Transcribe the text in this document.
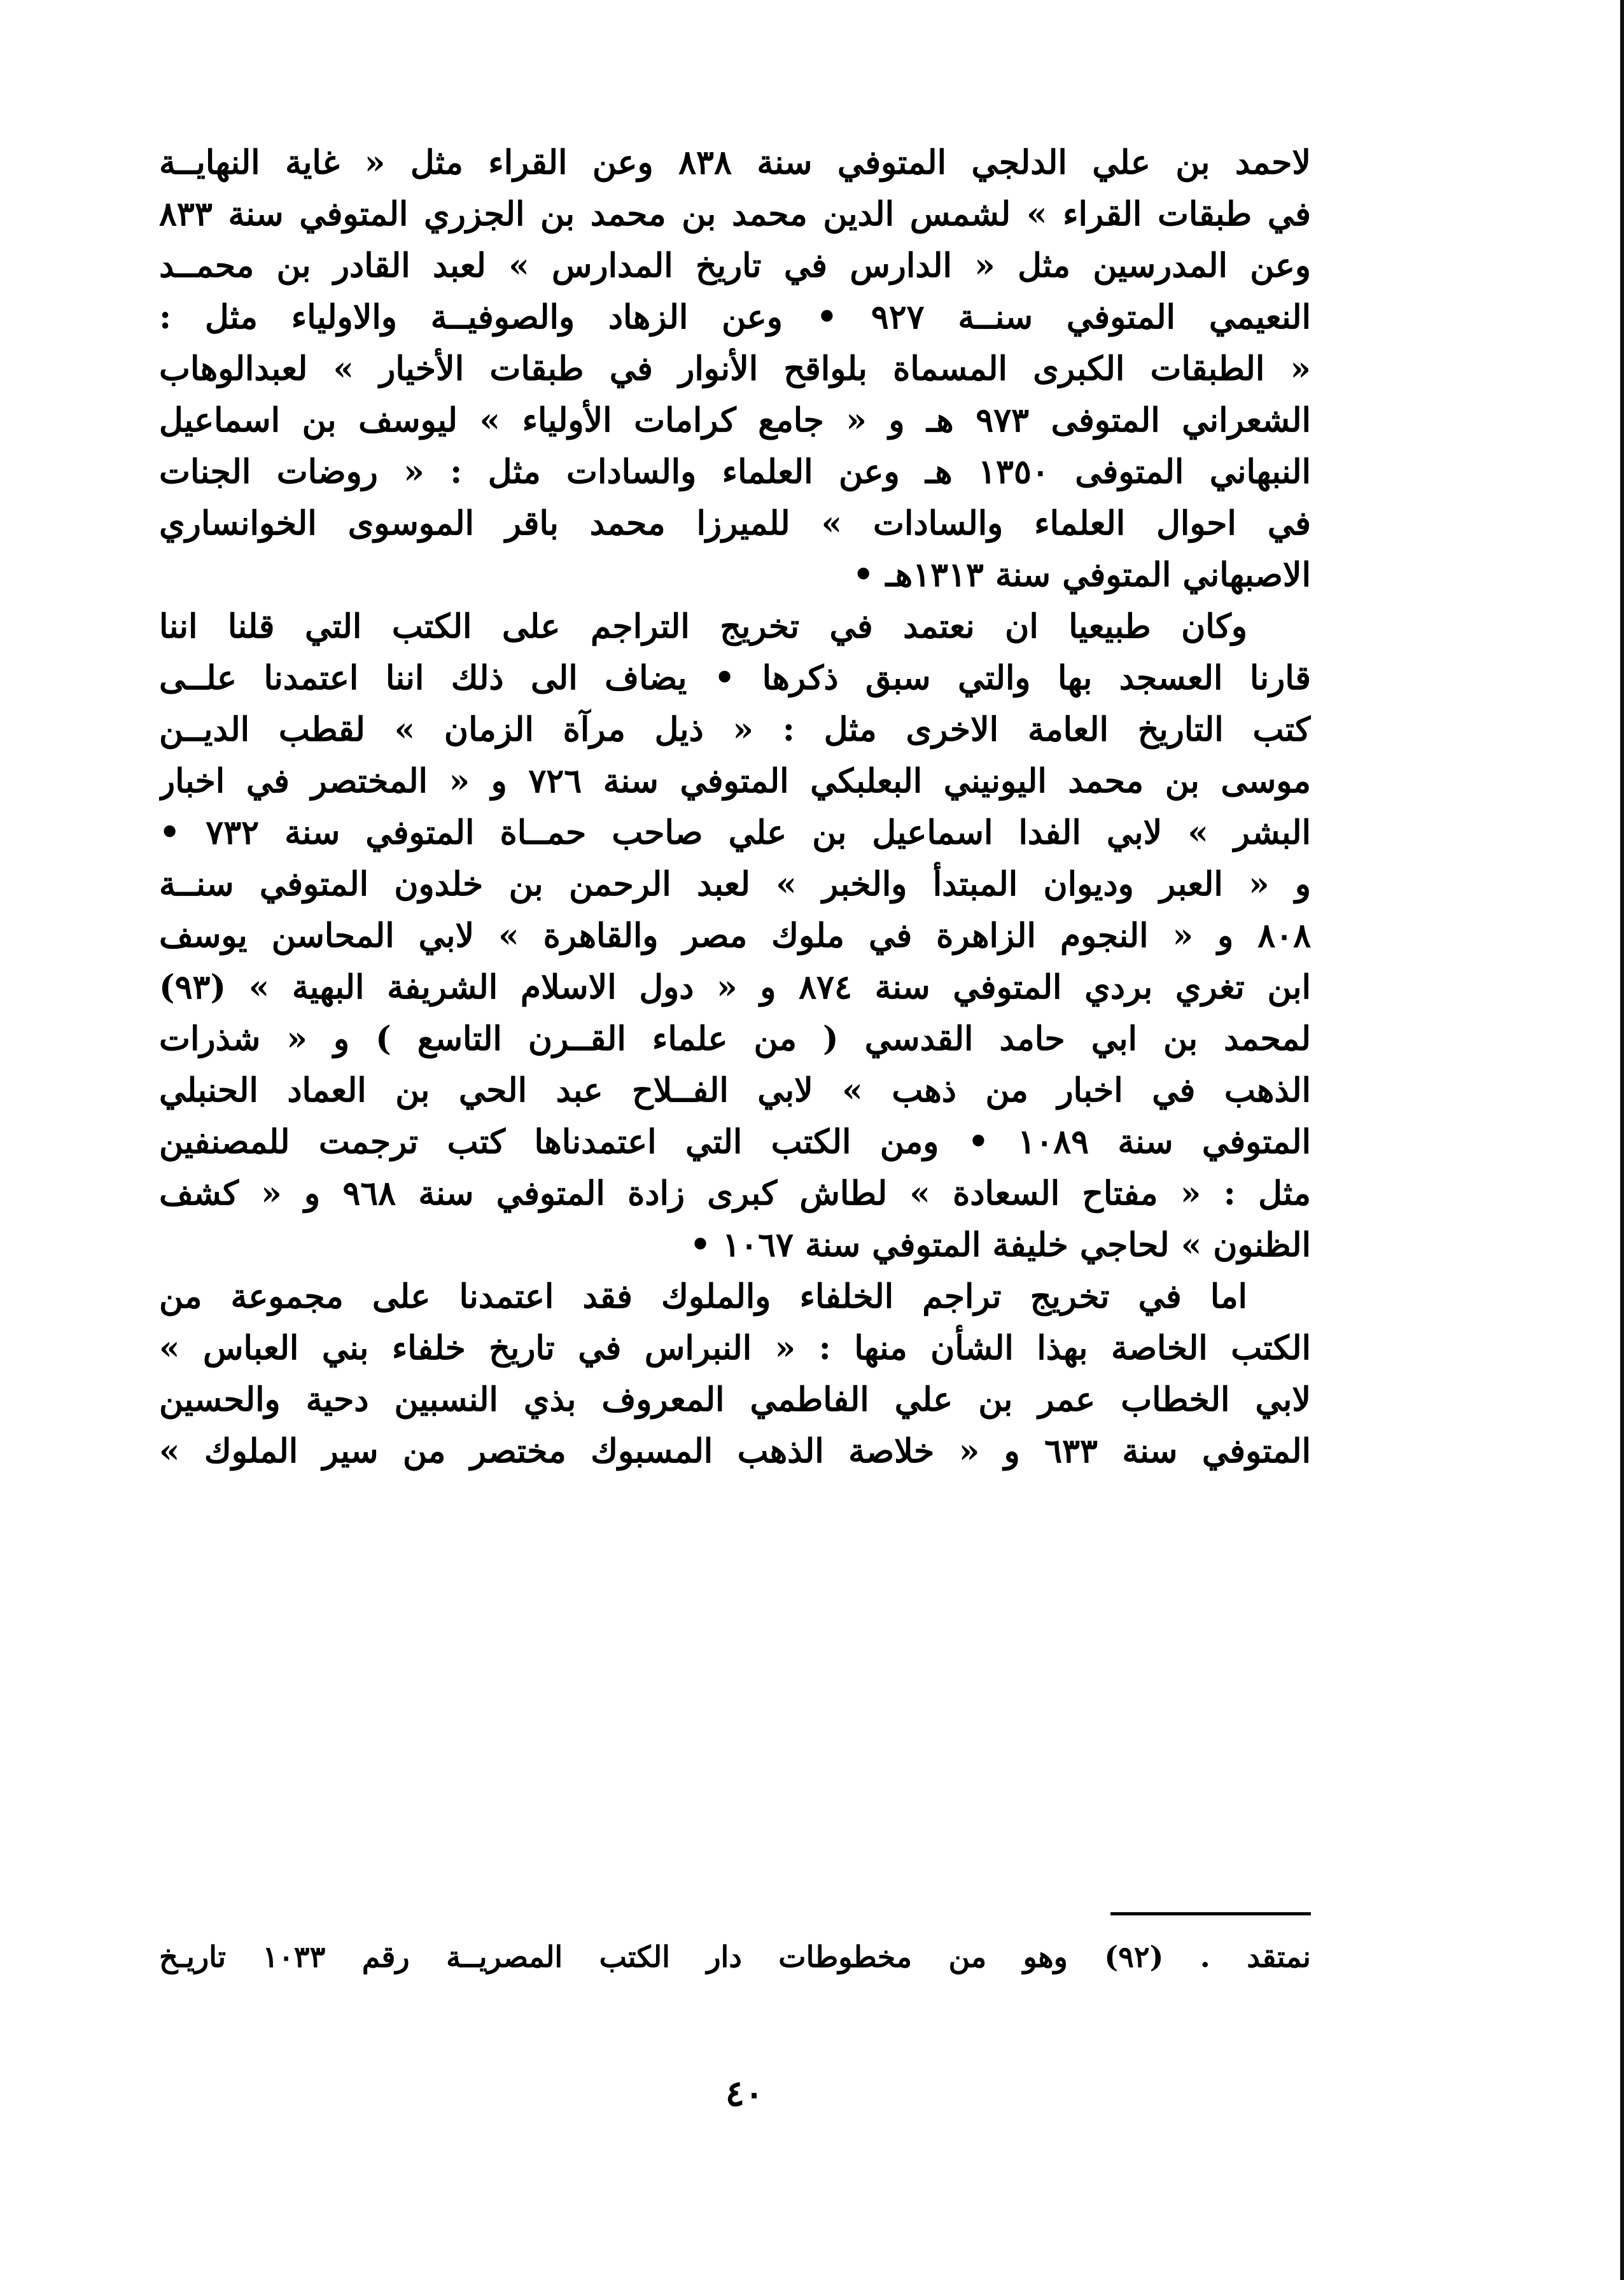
لاحمد بن علي الدلجي المتوفي سنة ٨٣٨ وعن القراء مثل « غاية النهايــة
في طبقات القراء » لشمس الدين محمد بن محمد بن الجزري المتوفي سنة ٨٣٣
وعن المدرسين مثل « الدارس في تاريخ المدارس » لعبد القادر بن محمــد
النعيمي المتوفي سنــة ٩٢٧ • وعن الزهاد والصوفيــة والاولياء مثل :
« الطبقات الكبرى المسماة بلواقح الأنوار في طبقات الأخيار » لعبدالوهاب
الشعراني المتوفى ٩٧٣ هـ و « جامع كرامات الأولياء » ليوسف بن اسماعيل
النبهاني المتوفى ١٣٥٠ هـ وعن العلماء والسادات مثل : « روضات الجنات
في احوال العلماء والسادات » للميرزا محمد باقر الموسوى الخوانساري
الاصبهاني المتوفي سنة ١٣١٣هـ •
وكان طبيعيا ان نعتمد في تخريج التراجم على الكتب التي قلنا اننا
قارنا العسجد بها والتي سبق ذكرها • يضاف الى ذلك اننا اعتمدنا علــى
كتب التاريخ العامة الاخرى مثل : « ذيل مرآة الزمان » لقطب الديــن
موسى بن محمد اليونيني البعلبكي المتوفي سنة ٧٢٦ و « المختصر في اخبار
البشر » لابي الفدا اسماعيل بن علي صاحب حمــاة المتوفي سنة ٧٣٢ •
و « العبر وديوان المبتدأ والخبر » لعبد الرحمن بن خلدون المتوفي سنــة
٨٠٨ و « النجوم الزاهرة في ملوك مصر والقاهرة » لابي المحاسن يوسف
ابن تغري بردي المتوفي سنة ٨٧٤ و « دول الاسلام الشريفة البهية » (٩٣)
لمحمد بن ابي حامد القدسي ( من علماء القــرن التاسع ) و « شذرات
الذهب في اخبار من ذهب » لابي الفــلاح عبد الحي بن العماد الحنبلي
المتوفي سنة ١٠٨٩ • ومن الكتب التي اعتمدناها كتب ترجمت للمصنفين
مثل : « مفتاح السعادة » لطاش كبرى زادة المتوفي سنة ٩٦٨ و « كشف
الظنون » لحاجي خليفة المتوفي سنة ١٠٦٧ •
اما في تخريج تراجم الخلفاء والملوك فقد اعتمدنا على مجموعة من
الكتب الخاصة بهذا الشأن منها : « النبراس في تاريخ خلفاء بني العباس »
لابي الخطاب عمر بن علي الفاطمي المعروف بذي النسبين دحية والحسين
المتوفي سنة ٦٣٣ و « خلاصة الذهب المسبوك مختصر من سير الملوك »
نمتقد . (٩٢) وهو من مخطوطات دار الكتب المصريــة رقم ١٠٣٣ تاريـخ
٤٠
